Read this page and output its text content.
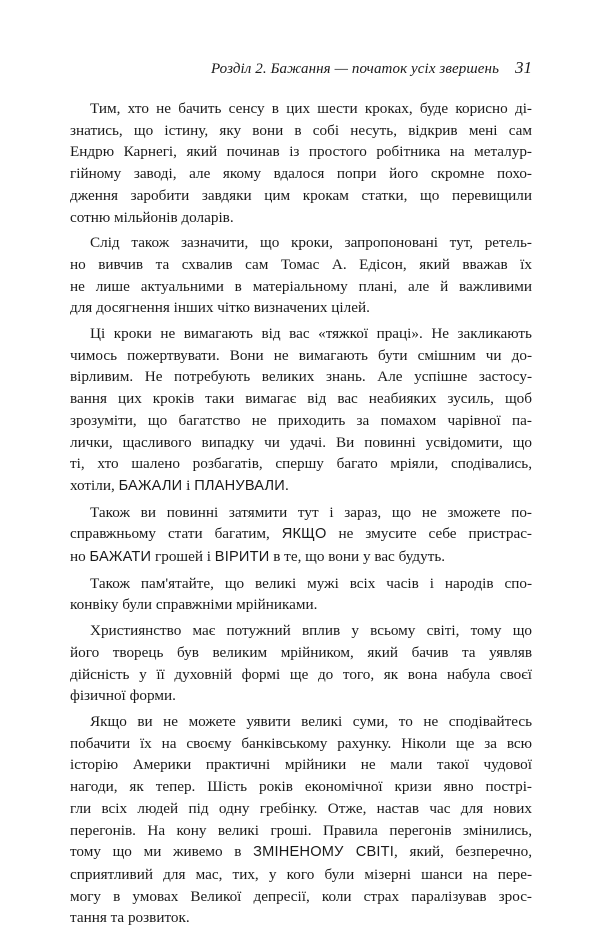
Розділ 2. Бажання — початок усіх звершень 31

Тим, хто не бачить сенсу в цих шести кроках, буде корисно ді-
знатись, що істину, яку вони в собі несуть, відкрив мені сам
Ендрю Карнегі, який починав із простого робітника на металур-
гійному заводі, але якому вдалося попри його скромне похо-
дження заробити завдяки цим крокам статки, що перевищили
сотню мільйонів доларів.

Слід також зазначити, що кроки, запропоновані тут, ретель-
но вивчив та схвалив сам Томас А. Едісон, який вважав їх
не лише актуальними в матеріальному плані, але й важливими
для досягнення інших чітко визначених цілей.

Ці кроки не вимагають від вас «тяжкої праці». Не закликають
чимось пожертвувати. Вони не вимагають бути смішним чи до-
вірливим. Не потребують великих знань. Але успішне застосу-
вання цих кроків таки вимагає від вас неабияких зусиль, щоб
зрозуміти, що багатство не приходить за помахом чарівної па-
лички, щасливого випадку чи удачі. Ви повинні усвідомити, що
ті, хто шалено розбагатів, спершу багато мріяли, сподівались,
хотіли, БАЖАЛИ і ПЛАНУВАЛИ.

Також ви повинні затямити тут і зараз, що не зможете по-
справжньому стати багатим, ЯКЩО не змусите себе пристрас-
но БАЖАТИ грошей і ВІРИТИ в те, що вони у вас будуть.

Також пам'ятайте, що великі мужі всіх часів і народів спо-
конвіку були справжніми мрійниками.

Християнство має потужний вплив у всьому світі, тому що
його творець був великим мрійником, який бачив та уявляв
дійсність у її духовній формі ще до того, як вона набула своєї
фізичної форми.

Якщо ви не можете уявити великі суми, то не сподівайтесь
побачити їх на своєму банківському рахунку. Ніколи ще за всю
історію Америки практичні мрійники не мали такої чудової
нагоди, як тепер. Шість років економічної кризи явно пострі-
гли всіх людей під одну гребінку. Отже, настав час для нових
перегонів. На кону великі гроші. Правила перегонів змінились,
тому що ми живемо в ЗМІНЕНОМУ СВІТІ, який, безперечно,
сприятливий для мас, тих, у кого були мізерні шанси на пере-
могу в умовах Великої депресії, коли страх паралізував зрос-
тання та розвиток.
